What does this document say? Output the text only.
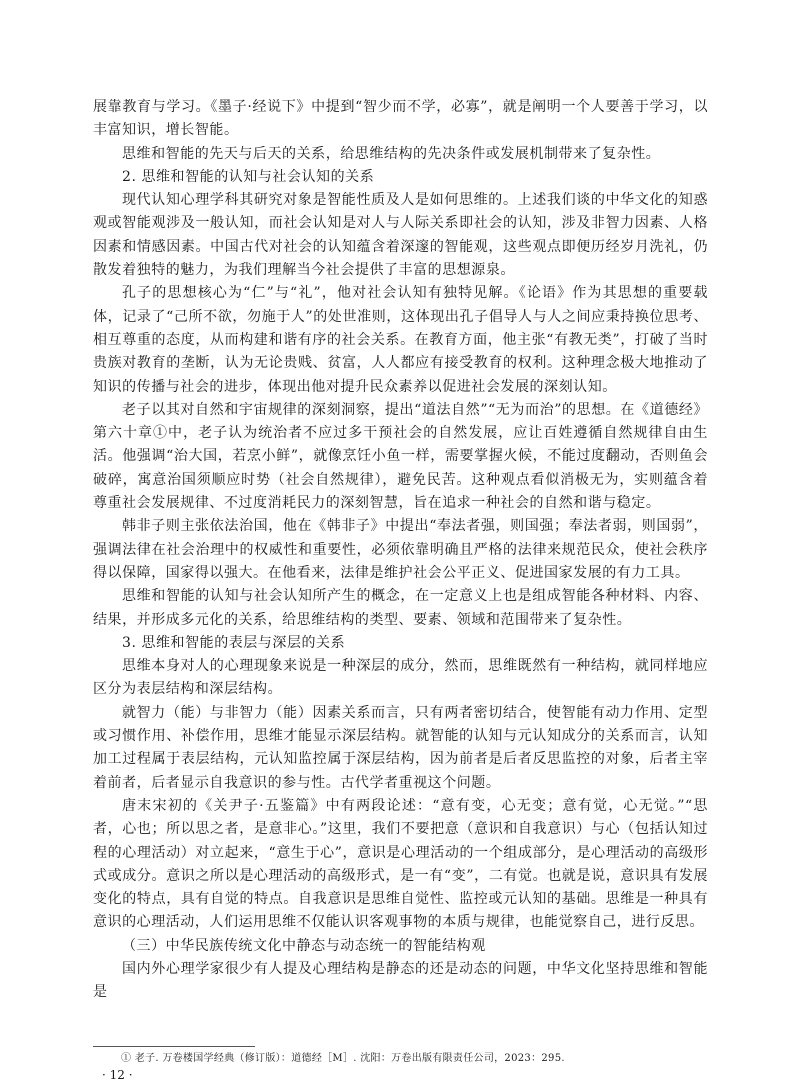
展靠教育与学习。《墨子·经说下》中提到“智少而不学，必寡”，就是阐明一个人要善于学习，以丰富知识，增长智能。

思维和智能的先天与后天的关系，给思维结构的先决条件或发展机制带来了复杂性。

2. 思维和智能的认知与社会认知的关系

现代认知心理学科其研究对象是智能性质及人是如何思维的。上述我们谈的中华文化的知惑观或智能观涉及一般认知，而社会认知是对人与人际关系即社会的认知，涉及非智力因素、人格因素和情感因素。中国古代对社会的认知蕴含着深邃的智能观，这些观点即便历经岁月洗礼，仍散发着独特的魅力，为我们理解当今社会提供了丰富的思想源泉。

孔子的思想核心为“仁”与“礼”，他对社会认知有独特见解。《论语》作为其思想的重要载体，记录了“己所不欲，勿施于人”的处世准则，这体现出孔子倡导人与人之间应秉持换位思考、相互尊重的态度，从而构建和谐有序的社会关系。在教育方面，他主张“有教无类”，打破了当时贵族对教育的垄断，认为无论贵贱、贫富，人人都应有接受教育的权利。这种理念极大地推动了知识的传播与社会的进步，体现出他对提升民众素养以促进社会发展的深刻认知。

老子以其对自然和宇宙规律的深刻洞察，提出“道法自然”“无为而治”的思想。在《道德经》第六十章①中，老子认为统治者不应过多干预社会的自然发展，应让百姓遵循自然规律自由生活。他强调“治大国，若烹小鲜”，就像烹饪小鱼一样，需要掌握火候，不能过度翻动，否则鱼会破碎，寓意治国须顺应时势（社会自然规律），避免民苦。这种观点看似消极无为，实则蕴含着尊重社会发展规律、不过度消耗民力的深刻智慧，旨在追求一种社会的自然和谐与稳定。

韩非子则主张依法治国，他在《韩非子》中提出“奉法者强，则国强；奉法者弱，则国弱”，强调法律在社会治理中的权威性和重要性，必须依靠明确且严格的法律来规范民众，使社会秩序得以保障，国家得以强大。在他看来，法律是维护社会公平正义、促进国家发展的有力工具。

思维和智能的认知与社会认知所产生的概念，在一定意义上也是组成智能各种材料、内容、结果，并形成多元化的关系，给思维结构的类型、要素、领域和范围带来了复杂性。

3. 思维和智能的表层与深层的关系

思维本身对人的心理现象来说是一种深层的成分，然而，思维既然有一种结构，就同样地应区分为表层结构和深层结构。

就智力（能）与非智力（能）因素关系而言，只有两者密切结合，使智能有动力作用、定型或习惯作用、补偿作用，思维才能显示深层结构。就智能的认知与元认知成分的关系而言，认知加工过程属于表层结构，元认知监控属于深层结构，因为前者是后者反思监控的对象，后者主宰着前者，后者显示自我意识的参与性。古代学者重视这个问题。

唐末宋初的《关尹子·五鉴篇》中有两段论述：“意有变，心无变；意有觉，心无觉。”“思者，心也；所以思之者，是意非心。”这里，我们不要把意（意识和自我意识）与心（包括认知过程的心理活动）对立起来，“意生于心”，意识是心理活动的一个组成部分，是心理活动的高级形式或成分。意识之所以是心理活动的高级形式，是一有“变”，二有觉。也就是说，意识具有发展变化的特点，具有自觉的特点。自我意识是思维自觉性、监控或元认知的基础。思维是一种具有意识的心理活动，人们运用思维不仅能认识客观事物的本质与规律，也能觉察自己，进行反思。

（三）中华民族传统文化中静态与动态统一的智能结构观

国内外心理学家很少有人提及心理结构是静态的还是动态的问题，中华文化坚持思维和智能是

① 老子. 万卷楼国学经典（修订版）：道德经［M］. 沈阳：万卷出版有限责任公司，2023：295.
· 12 ·
